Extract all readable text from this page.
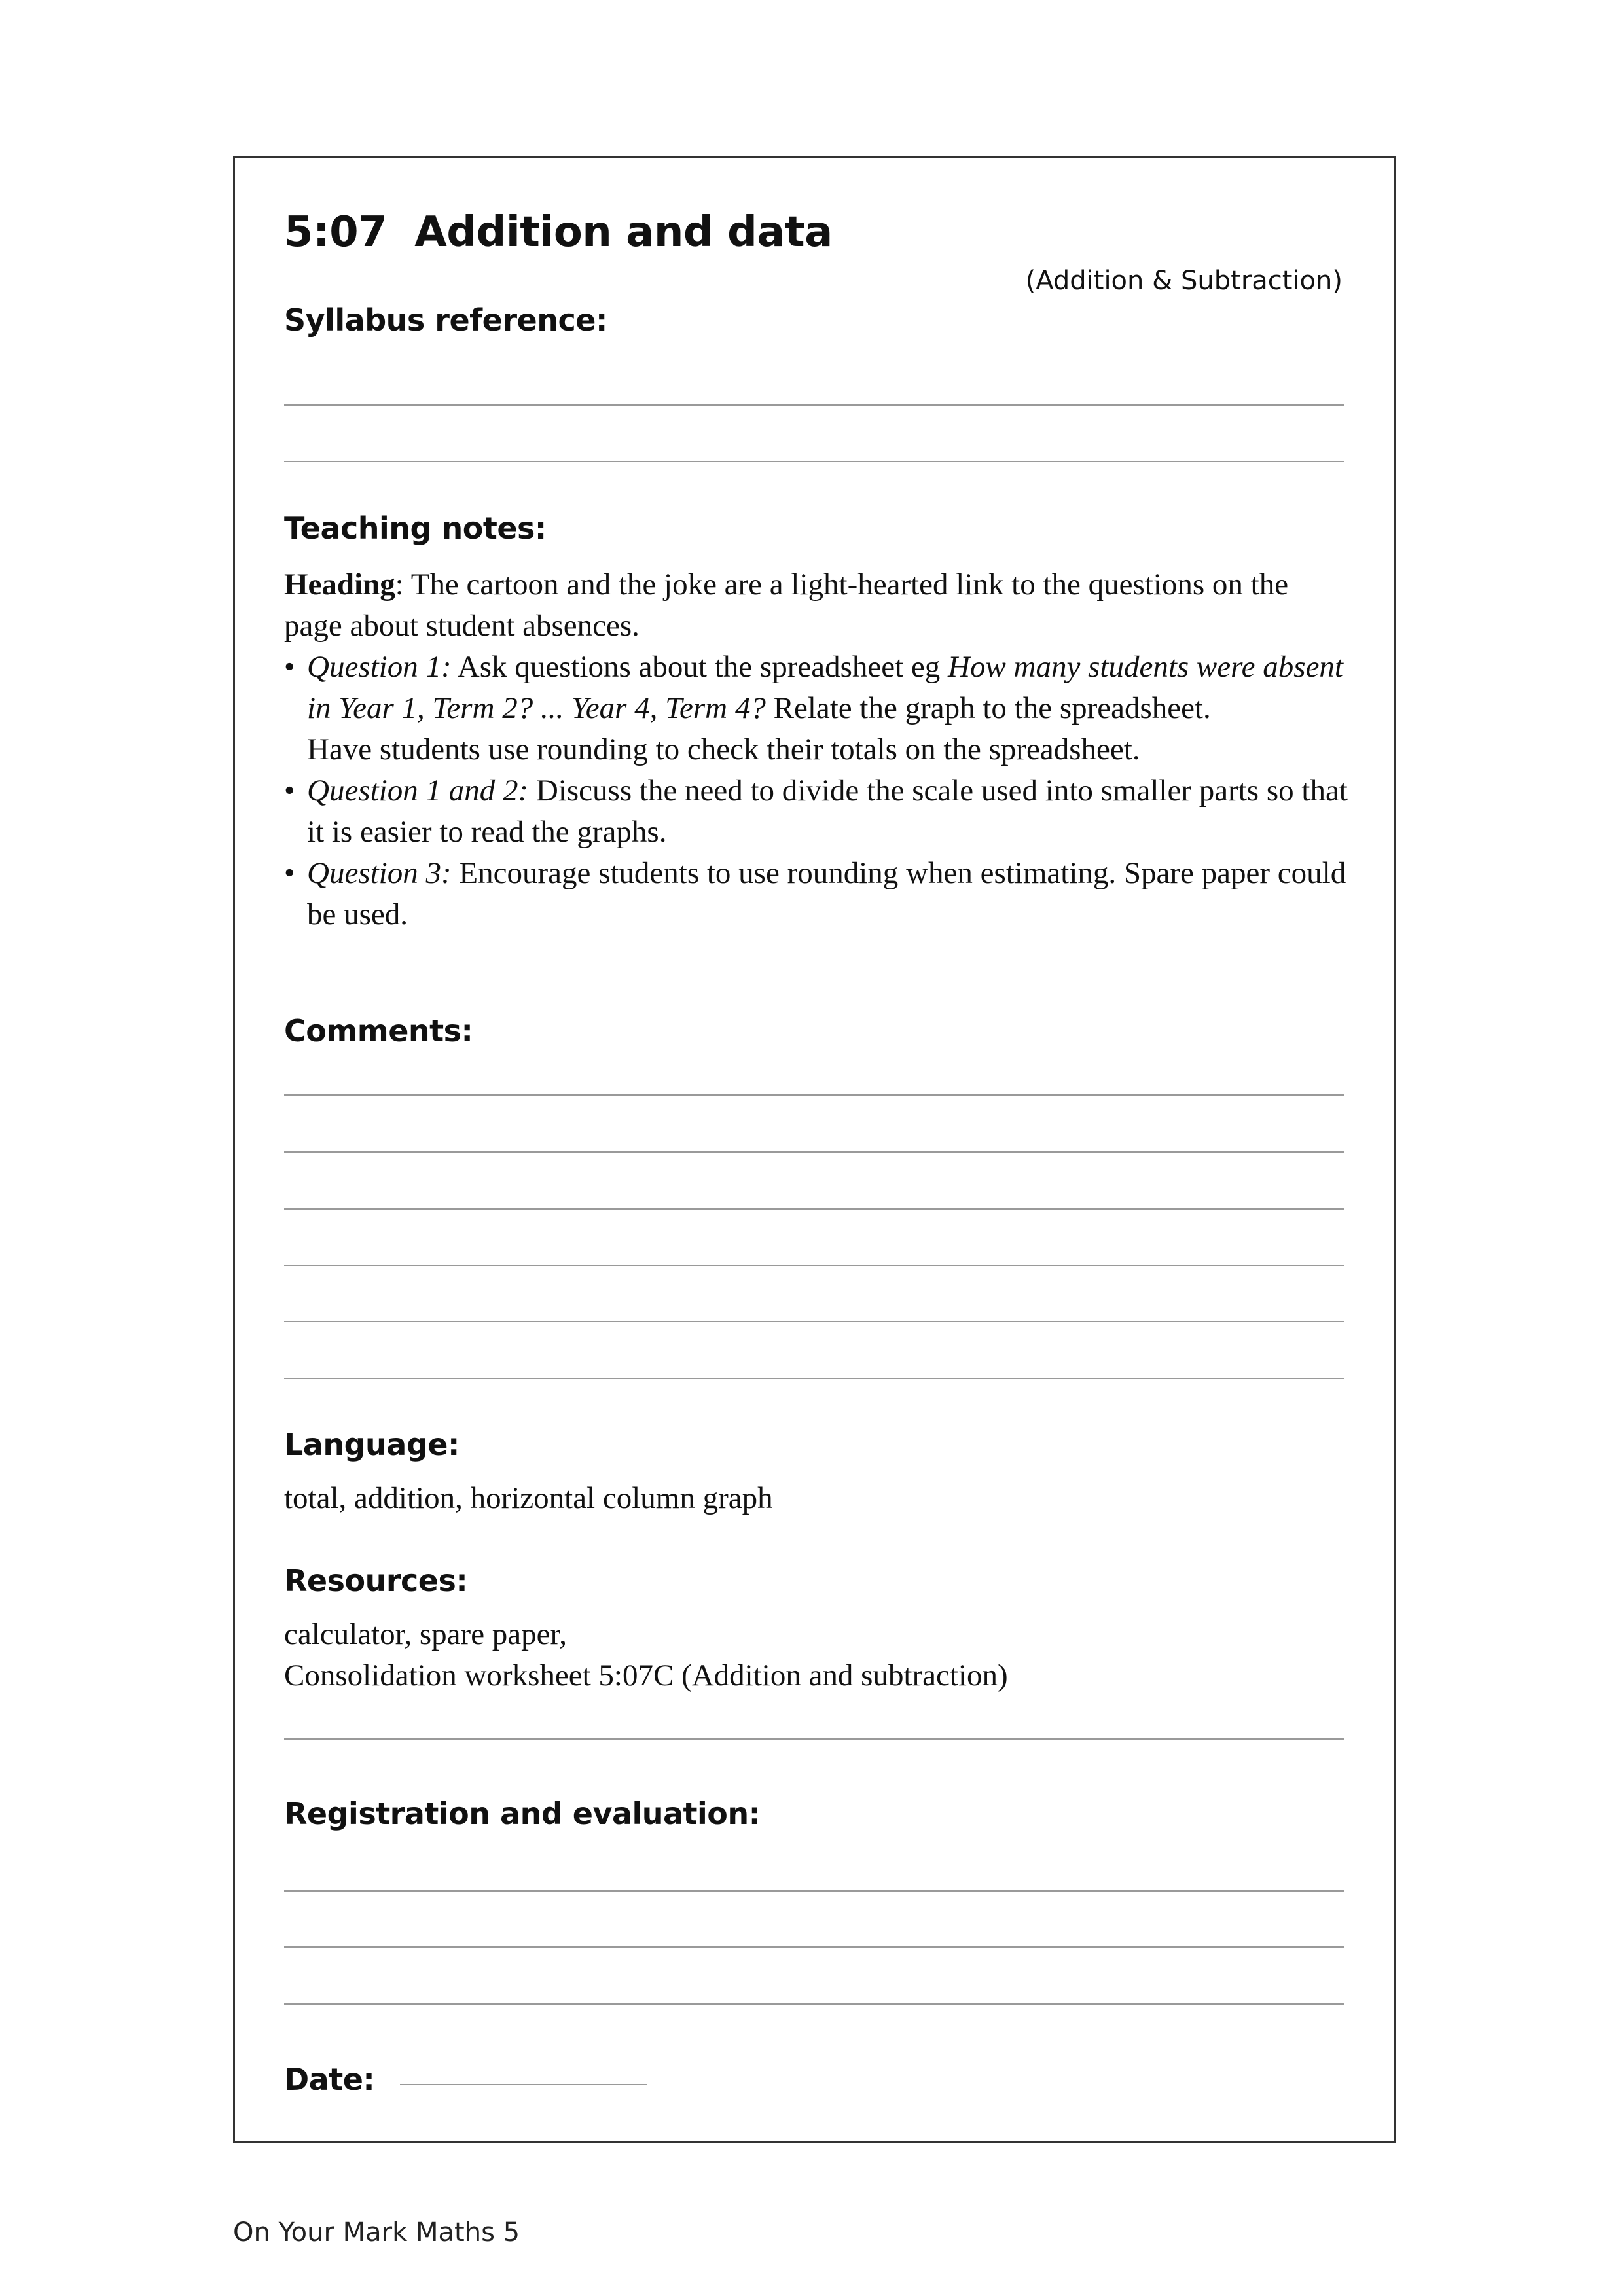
5:07 Addition and data
(Addition & Subtraction)
Syllabus reference:
Teaching notes:

Heading: The cartoon and the joke are a light-hearted link to the questions on the page about student absences.

• Question 1: Ask questions about the spreadsheet eg How many students were absent in Year 1, Term 2? ... Year 4, Term 4? Relate the graph to the spreadsheet.

Have students use rounding to check their totals on the spreadsheet.

• Question 1 and 2: Discuss the need to divide the scale used into smaller parts so that it is easier to read the graphs.

• Question 3: Encourage students to use rounding when estimating. Spare paper could be used.

Comments:
Language:
total, addition, horizontal column graph
Resources:

calculator, spare paper,

Consolidation worksheet 5:07C (Addition and subtraction)

Registration and evaluation:
Date:
On Your Mark Maths 5
